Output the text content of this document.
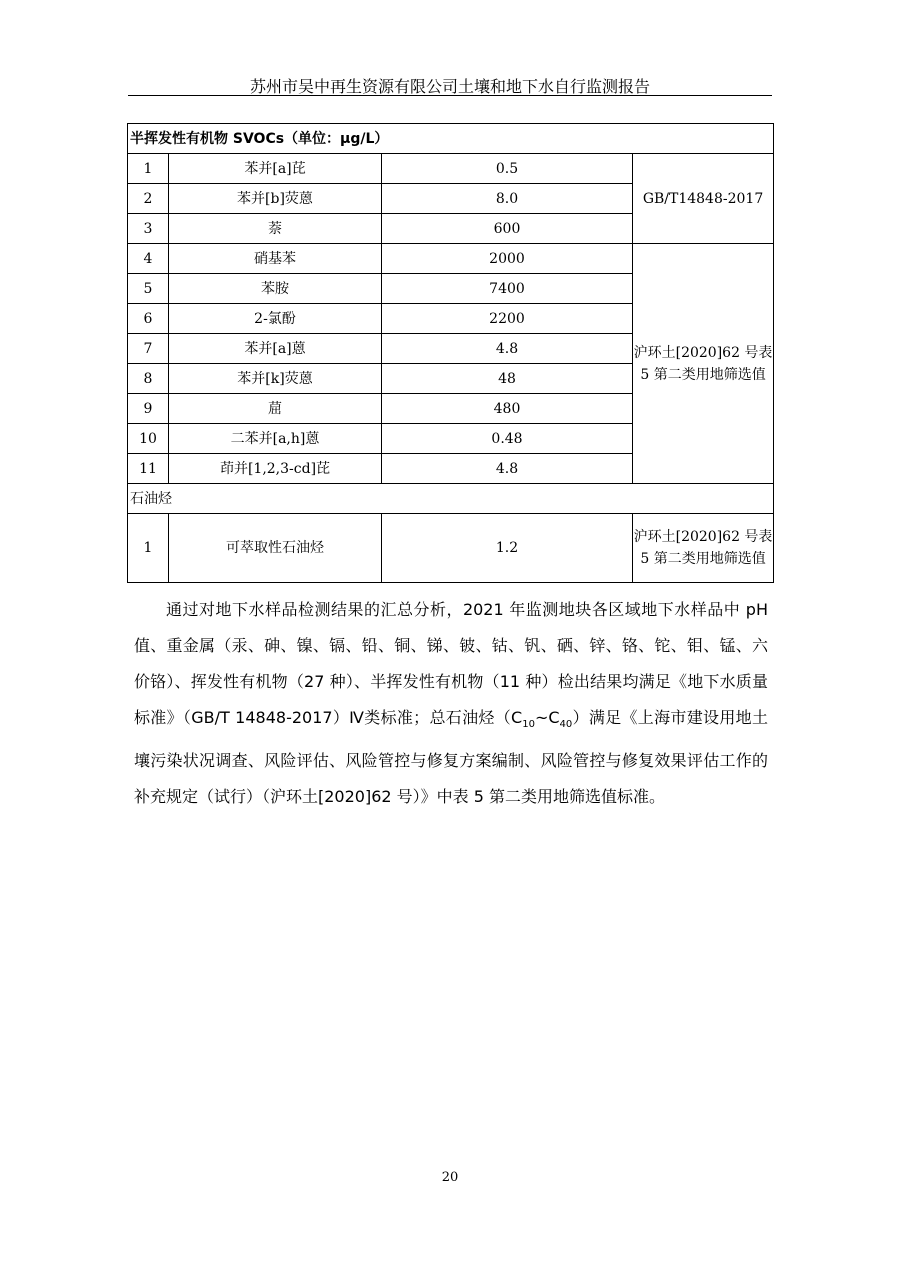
苏州市吴中再生资源有限公司土壤和地下水自行监测报告
半挥发性有机物 SVOCs（单位：μg/L）			
1	苯并[a]芘	0.5	GB/T14848-2017
2	苯并[b]荧蒽	8.0	
3	萘	600	
4	硝基苯	2000	沪环土[2020]62 号表 5 第二类用地筛选值
5	苯胺	7400	
6	2-氯酚	2200	
7	苯并[a]蒽	4.8	
8	苯并[k]荧蒽	48	
9	䓛	480	
10	二苯并[a,h]蒽	0.48	
11	茚并[1,2,3-cd]芘	4.8	
石油烃			
1	可萃取性石油烃	1.2	沪环土[2020]62 号表 5 第二类用地筛选值

通过对地下水样品检测结果的汇总分析，2021 年监测地块各区域地下水样品中 pH 值、重金属（汞、砷、镍、镉、铅、铜、锑、铍、钴、钒、硒、锌、铬、铊、钼、锰、六价铬）、挥发性有机物（27 种）、半挥发性有机物（11 种）检出结果均满足《地下水质量标准》（GB/T 14848-2017）Ⅳ类标准；总石油烃$(C_{10}\sim C_{40})$满足《上海市建设用地土壤污染状况调查、风险评估、风险管控与修复方案编制、风险管控与修复效果评估工作的补充规定（试行）（沪环土[2020]62 号）》中表 5 第二类用地筛选值标准。

20
